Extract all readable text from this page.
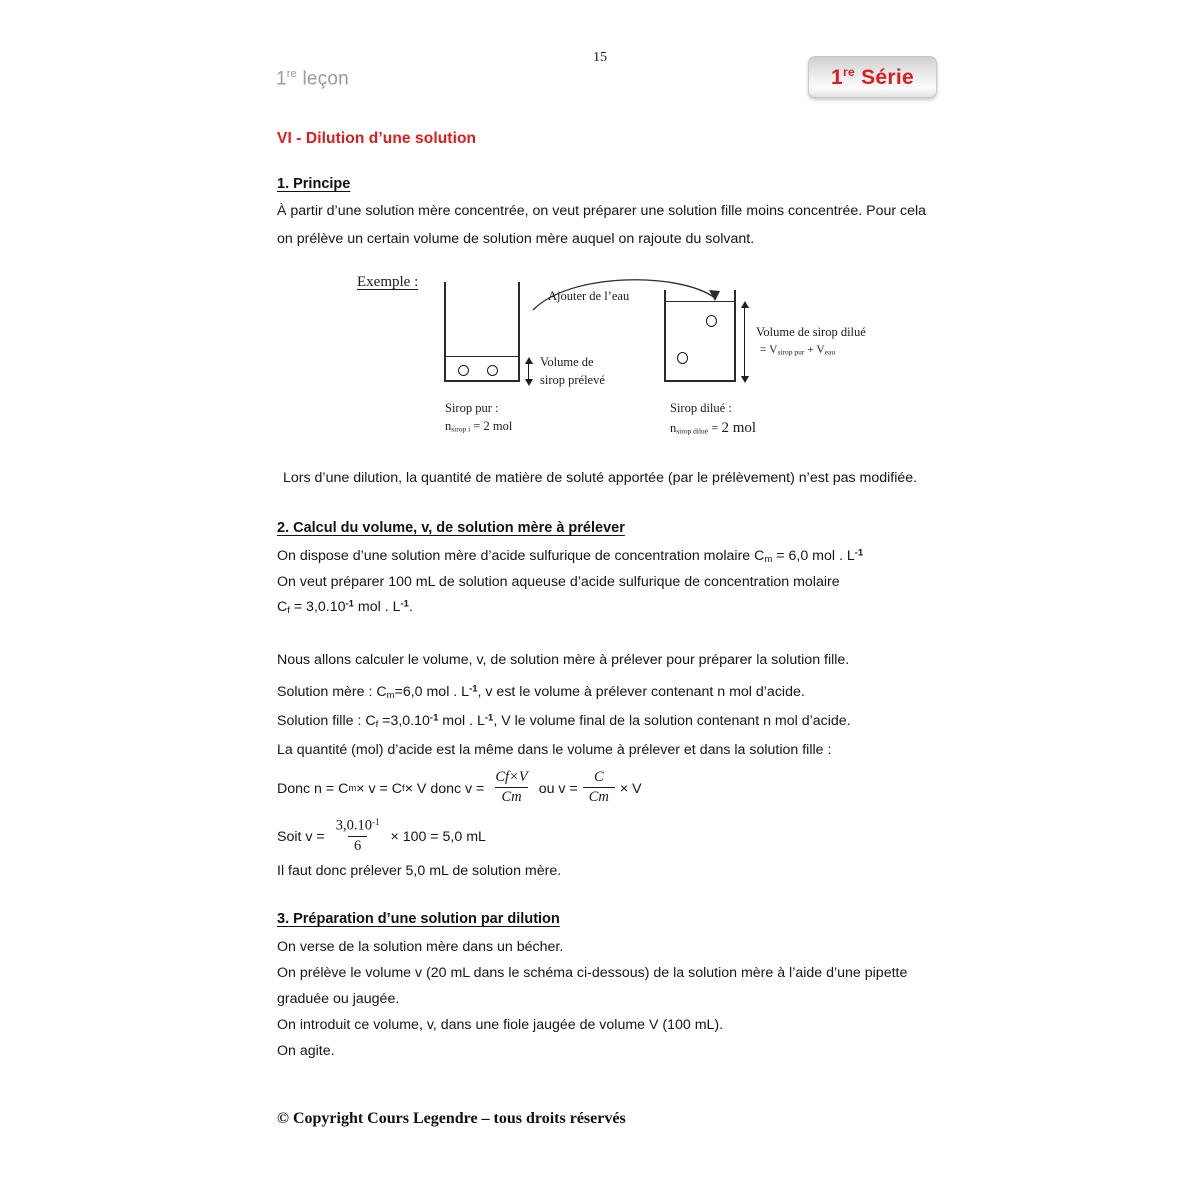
1re leçon
15
1re Série
VI - Dilution d’une solution
1. Principe
À partir d’une solution mère concentrée, on veut préparer une solution fille moins concentrée. Pour cela
on prélève un certain volume de solution mère auquel on rajoute du solvant.
Exemple :
Ajouter de l’eau
Volume de
sirop prélevé
Sirop pur :
$n_{sirop i} = 2$ mol
Volume de sirop dilué
= $V_{sirop pur} + V_{eau}$
Sirop dilué :
$n_{sirop dilué} = 2$ mol
Lors d’une dilution, la quantité de matière de soluté apportée (par le prélèvement) n’est pas modifiée.
2. Calcul du volume, v, de solution mère à prélever
On dispose d’une solution mère d’acide sulfurique de concentration molaire $C_m = 6,0$ mol . $L^{-1}$
On veut préparer 100 mL de solution aqueuse d’acide sulfurique de concentration molaire
$C_f = 3,0.10^{-1}$ mol . $L^{-1}$.
Nous allons calculer le volume, v, de solution mère à prélever pour préparer la solution fille.
Solution mère : $C_m=6,0$ mol . $L^{-1}$, v est le volume à prélever contenant n mol d’acide.
Solution fille : $C_f =3,0.10^{-1}$ mol . $L^{-1}$, V le volume final de la solution contenant n mol d’acide.
La quantité (mol) d’acide est la même dans le volume à prélever et dans la solution fille :
Donc n = C m × v = C f × V donc $v = \frac{Cf\times V}{Cm}$ ou $v = \frac{C}{Cm} \times V$
Soit $v = \frac{3,0.10^{-1}}{6} \times 100 = 5,0$ mL
Il faut donc prélever 5,0 mL de solution mère.
3. Préparation d’une solution par dilution
On verse de la solution mère dans un bécher.
On prélève le volume v (20 mL dans le schéma ci-dessous) de la solution mère à l’aide d’une pipette
graduée ou jaugée.
On introduit ce volume, v, dans une fiole jaugée de volume V (100 mL).
On agite.
© Copyright Cours Legendre – tous droits réservés
